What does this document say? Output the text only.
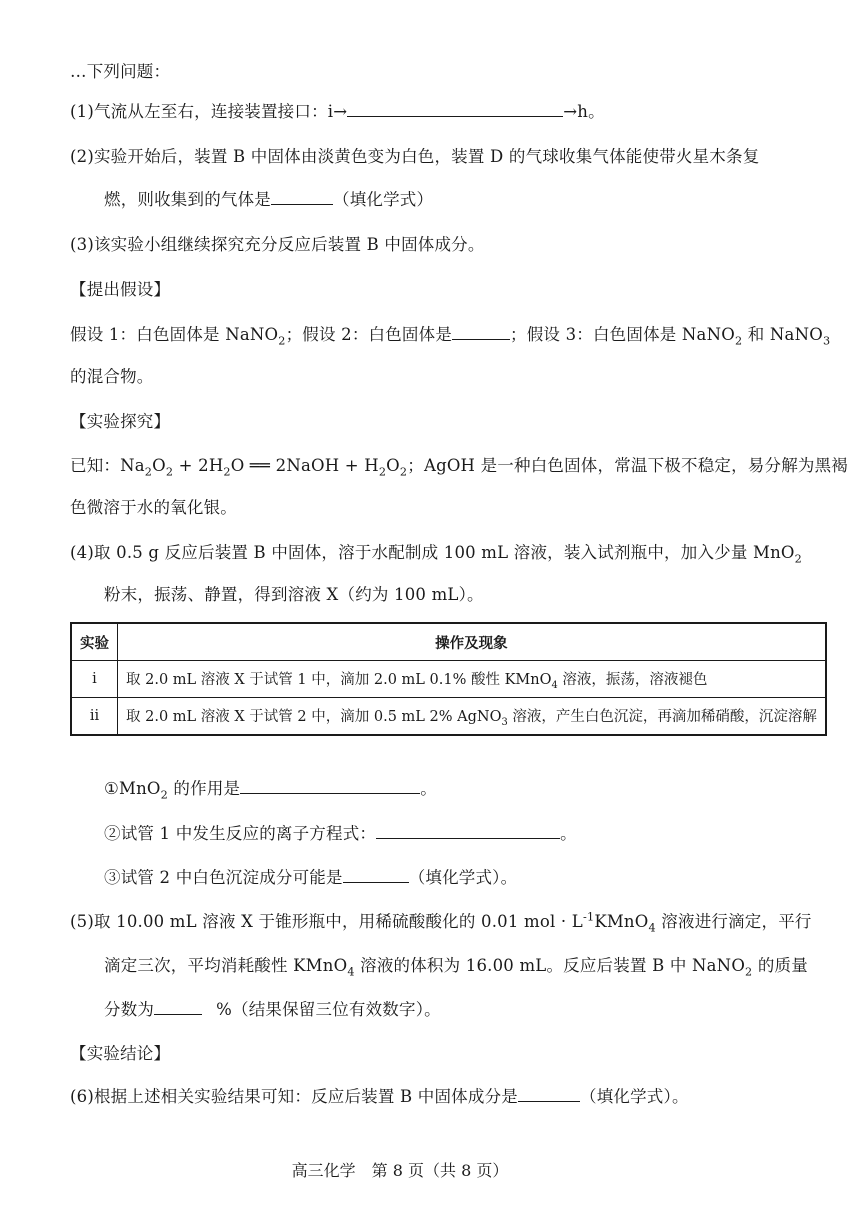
…下列问题：
(1)气流从左至右，连接装置接口：i→	→h。
(2)实验开始后，装置 B 中固体由淡黄色变为白色，装置 D 的气球收集气体能使带火星木条复
燃，则收集到的气体是	（填化学式）
(3)该实验小组继续探究充分反应后装置 B 中固体成分。
【提出假设】
假设 1：白色固体是 NaNO$_2$；假设 2：白色固体是	；假设 3：白色固体是 NaNO$_2$ 和 NaNO$_3$
的混合物。
【实验探究】
已知：$Na_2O_2 + 2H_2O$ ══ 2NaOH + $H_2O_2$；AgOH 是一种白色固体，常温下极不稳定，易分解为黑褐
色微溶于水的氧化银。
(4)取 0.5 g 反应后装置 B 中固体，溶于水配制成 100 mL 溶液，装入试剂瓶中，加入少量 MnO$_2$
粉末，振荡、静置，得到溶液 X（约为 100 mL）。
实验	操作及现象
i	取 2.0 mL 溶液 X 于试管 1 中，滴加 2.0 mL 0.1% 酸性 KMnO$_4$ 溶液，振荡，溶液褪色
ii	取 2.0 mL 溶液 X 于试管 2 中，滴加 0.5 mL 2% AgNO$_3$ 溶液，产生白色沉淀，再滴加稀硝酸，沉淀溶解
①MnO$_2$ 的作用是	。
②试管 1 中发生反应的离子方程式：	。
③试管 2 中白色沉淀成分可能是	（填化学式）。
(5)取 10.00 mL 溶液 X 于锥形瓶中，用稀硫酸酸化的 0.01 mol · $L^{-1}KMnO_4$ 溶液进行滴定，平行
滴定三次，平均消耗酸性 KMnO$_4$ 溶液的体积为 16.00 mL。反应后装置 B 中 NaNO$_2$ 的质量
分数为	%（结果保留三位有效数字）。
【实验结论】
(6)根据上述相关实验结果可知：反应后装置 B 中固体成分是	（填化学式）。
高三化学　第 8 页（共 8 页）
